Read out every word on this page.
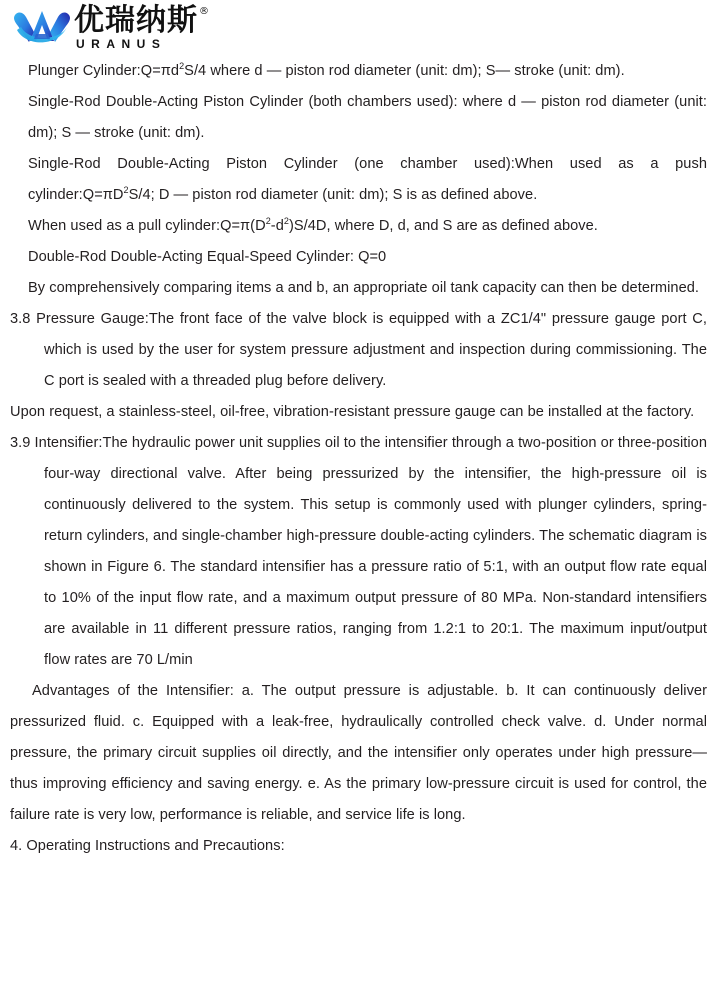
优瑞纳斯 ®
URANUS

Plunger $Cylinder:Q=\pi d^2S/4$ where d — piston rod diameter (unit: dm); S— stroke (unit: dm).

Single-Rod Double-Acting Piston Cylinder (both chambers used): where d — piston rod diameter (unit: dm); S — stroke (unit: dm).

Single-Rod Double-Acting Piston Cylinder (one chamber used):When used as a push $cylinder:Q=\pi D^2S/4$; D — piston rod diameter (unit: dm); S is as defined above.

When used as a pull $cylinder:Q=\pi(D^2-d^2)S/4D$, where D, d, and S are as defined above.

Double-Rod Double-Acting Equal-Speed Cylinder: Q=0

By comprehensively comparing items a and b, an appropriate oil tank capacity can then be determined.

3.8 Pressure Gauge:The front face of the valve block is equipped with a ZC1/4" pressure gauge port C, which is used by the user for system pressure adjustment and inspection during commissioning. The C port is sealed with a threaded plug before delivery.

Upon request, a stainless-steel, oil-free, vibration-resistant pressure gauge can be installed at the factory.

3.9 Intensifier:The hydraulic power unit supplies oil to the intensifier through a two-position or three-position four-way directional valve. After being pressurized by the intensifier, the high-pressure oil is continuously delivered to the system. This setup is commonly used with plunger cylinders, spring-return cylinders, and single-chamber high-pressure double-acting cylinders. The schematic diagram is shown in Figure 6. The standard intensifier has a pressure ratio of 5:1, with an output flow rate equal to 10% of the input flow rate, and a maximum output pressure of 80 MPa. Non-standard intensifiers are available in 11 different pressure ratios, ranging from 1.2:1 to 20:1. The maximum input/output flow rates are 70 L/min

Advantages of the Intensifier: a. The output pressure is adjustable. b. It can continuously deliver pressurized fluid. c. Equipped with a leak-free, hydraulically controlled check valve. d. Under normal pressure, the primary circuit supplies oil directly, and the intensifier only operates under high pressure—thus improving efficiency and saving energy. e. As the primary low-pressure circuit is used for control, the failure rate is very low, performance is reliable, and service life is long.

4. Operating Instructions and Precautions:
